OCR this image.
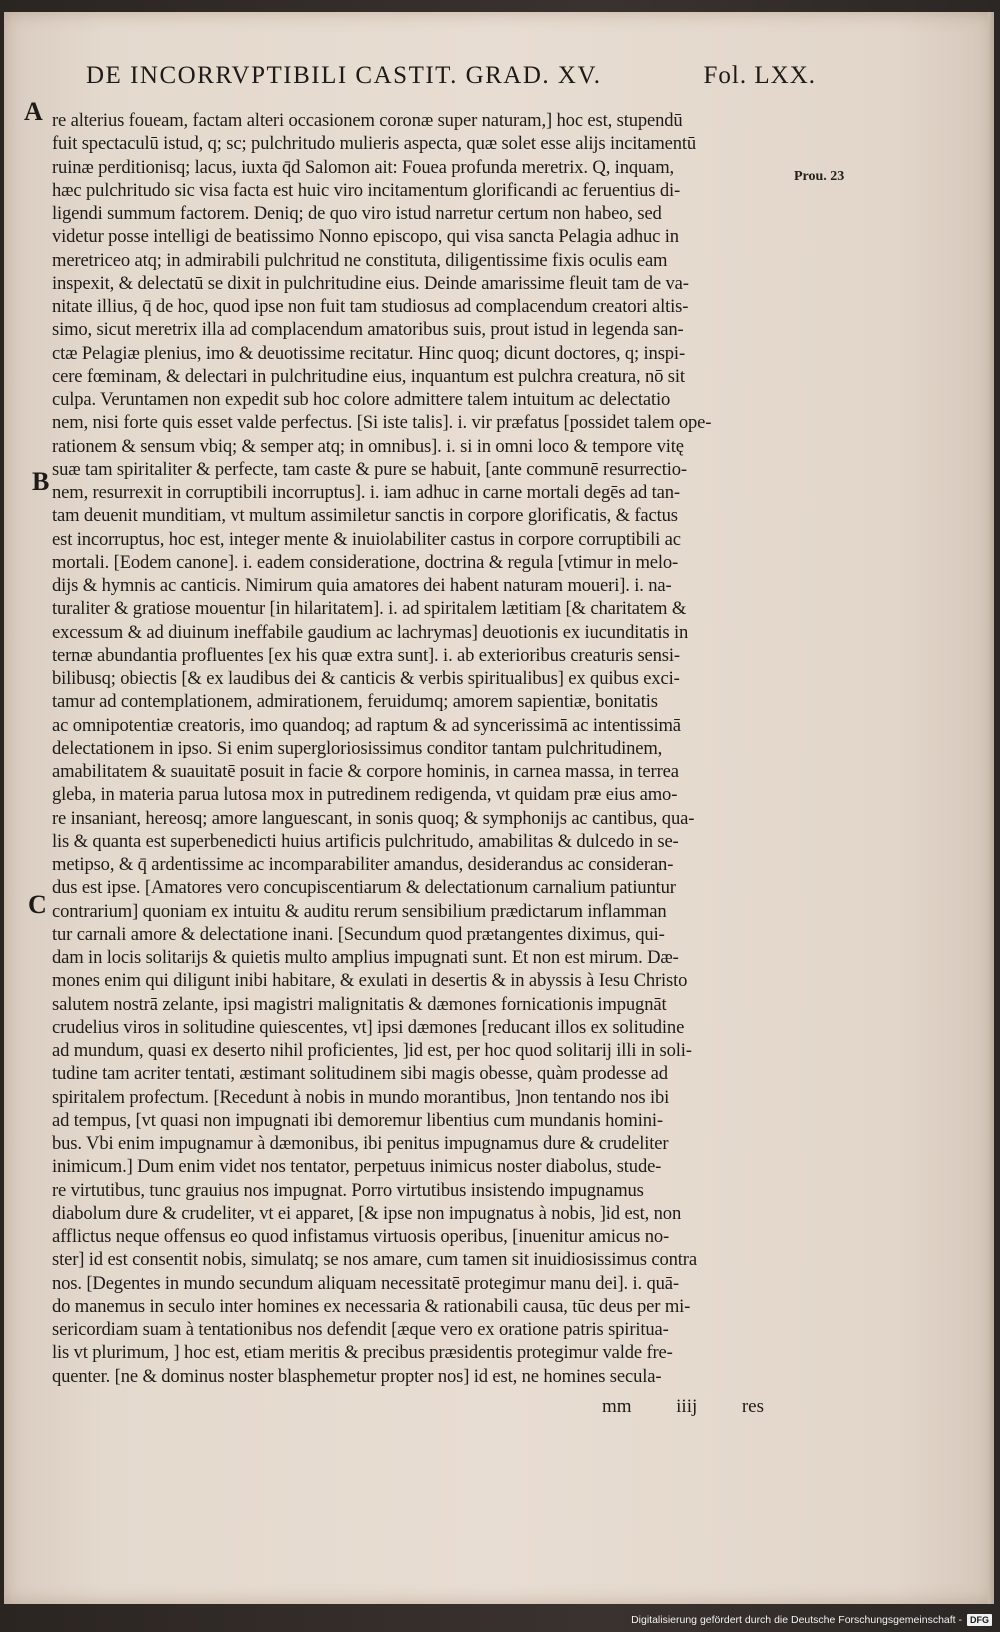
DE INCORRVPTIBILI CASTIT. GRAD. XV.	Fol. LXX.
A
B
C
Prou. 23
re alterius foueam, factam alteri occasionem coronæ super naturam,] hoc est, stupendū
fuit spectaculū istud, q; sc; pulchritudo mulieris aspecta, quæ solet esse alijs incitamentū
ruinæ perditionisq; lacus, iuxta q̄d Salomon ait: Fouea profunda meretrix. Q, inquam,
hæc pulchritudo sic visa facta est huic viro incitamentum glorificandi ac feruentius di-
ligendi summum factorem. Deniq; de quo viro istud narretur certum non habeo, sed
videtur posse intelligi de beatissimo Nonno episcopo, qui visa sancta Pelagia adhuc in
meretriceo atq; in admirabili pulchritud ne constituta, diligentissime fixis oculis eam
inspexit, & delectatū se dixit in pulchritudine eius. Deinde amarissime fleuit tam de va-
nitate illius, q̄ de hoc, quod ipse non fuit tam studiosus ad complacendum creatori altis-
simo, sicut meretrix illa ad complacendum amatoribus suis, prout istud in legenda san-
ctæ Pelagiæ plenius, imo & deuotissime recitatur. Hinc quoq; dicunt doctores, q; inspi-
cere fœminam, & delectari in pulchritudine eius, inquantum est pulchra creatura, nō sit
culpa. Veruntamen non expedit sub hoc colore admittere talem intuitum ac delectatio
nem, nisi forte quis esset valde perfectus. [Si iste talis]. i. vir præfatus [possidet talem ope-
rationem & sensum vbiq; & semper atq; in omnibus]. i. si in omni loco & tempore vitę
suæ tam spiritaliter & perfecte, tam caste & pure se habuit, [ante communē resurrectio-
nem, resurrexit in corruptibili incorruptus]. i. iam adhuc in carne mortali degēs ad tan-
tam deuenit munditiam, vt multum assimiletur sanctis in corpore glorificatis, & factus
est incorruptus, hoc est, integer mente & inuiolabiliter castus in corpore corruptibili ac
mortali. [Eodem canone]. i. eadem consideratione, doctrina & regula [vtimur in melo-
dijs & hymnis ac canticis. Nimirum quia amatores dei habent naturam moueri]. i. na-
turaliter & gratiose mouentur [in hilaritatem]. i. ad spiritalem lætitiam [& charitatem &
excessum & ad diuinum ineffabile gaudium ac lachrymas] deuotionis ex iucunditatis in
ternæ abundantia profluentes [ex his quæ extra sunt]. i. ab exterioribus creaturis sensi-
bilibusq; obiectis [& ex laudibus dei & canticis & verbis spiritualibus] ex quibus exci-
tamur ad contemplationem, admirationem, feruidumq; amorem sapientiæ, bonitatis
ac omnipotentiæ creatoris, imo quandoq; ad raptum & ad syncerissimā ac intentissimā
delectationem in ipso. Si enim supergloriosissimus conditor tantam pulchritudinem,
amabilitatem & suauitatē posuit in facie & corpore hominis, in carnea massa, in terrea
gleba, in materia parua lutosa mox in putredinem redigenda, vt quidam præ eius amo-
re insaniant, hereosq; amore languescant, in sonis quoq; & symphonijs ac cantibus, qua-
lis & quanta est superbenedicti huius artificis pulchritudo, amabilitas & dulcedo in se-
metipso, & q̄ ardentissime ac incomparabiliter amandus, desiderandus ac consideran-
dus est ipse. [Amatores vero concupiscentiarum & delectationum carnalium patiuntur
contrarium] quoniam ex intuitu & auditu rerum sensibilium prædictarum inflamman
tur carnali amore & delectatione inani. [Secundum quod prætangentes diximus, qui-
dam in locis solitarijs & quietis multo amplius impugnati sunt. Et non est mirum. Dæ-
mones enim qui diligunt inibi habitare, & exulati in desertis & in abyssis à Iesu Christo
salutem nostrā zelante, ipsi magistri malignitatis & dæmones fornicationis impugnāt
crudelius viros in solitudine quiescentes, vt] ipsi dæmones [reducant illos ex solitudine
ad mundum, quasi ex deserto nihil proficientes, ]id est, per hoc quod solitarij illi in soli-
tudine tam acriter tentati, æstimant solitudinem sibi magis obesse, quàm prodesse ad
spiritalem profectum. [Recedunt à nobis in mundo morantibus, ]non tentando nos ibi
ad tempus, [vt quasi non impugnati ibi demoremur libentius cum mundanis homini-
bus. Vbi enim impugnamur à dæmonibus, ibi penitus impugnamus dure & crudeliter
inimicum.] Dum enim videt nos tentator, perpetuus inimicus noster diabolus, stude-
re virtutibus, tunc grauius nos impugnat. Porro virtutibus insistendo impugnamus
diabolum dure & crudeliter, vt ei apparet, [& ipse non impugnatus à nobis, ]id est, non
afflictus neque offensus eo quod infistamus virtuosis operibus, [inuenitur amicus no-
ster] id est consentit nobis, simulatq; se nos amare, cum tamen sit inuidiosissimus contra
nos. [Degentes in mundo secundum aliquam necessitatē protegimur manu dei]. i. quā-
do manemus in seculo inter homines ex necessaria & rationabili causa, tūc deus per mi-
sericordiam suam à tentationibus nos defendit [æque vero ex oratione patris spiritua-
lis vt plurimum, ] hoc est, etiam meritis & precibus præsidentis protegimur valde fre-
quenter. [ne & dominus noster blasphemetur propter nos] id est, ne homines secula-
mm iiij res
Digitalisierung gefördert durch die Deutsche Forschungsgemeinschaft - DFG
